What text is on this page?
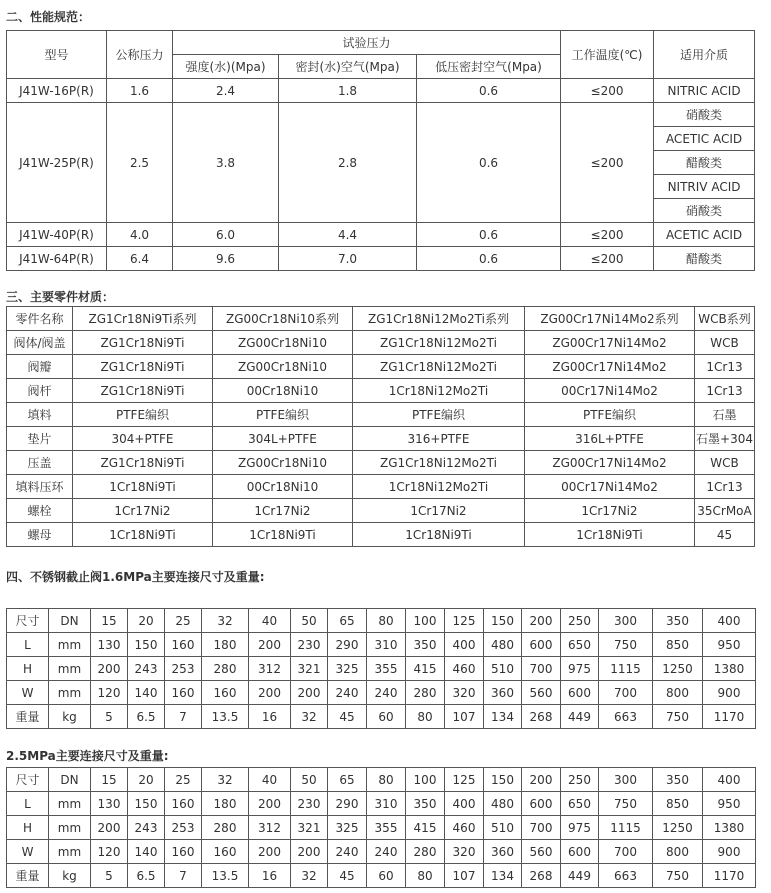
二、性能规范：
型号	公称压力	试验压力			工作温度(℃)	适用介质
		强度(水)(Mpa)	密封(水)空气(Mpa)	低压密封空气(Mpa)		
J41W-16P(R)	1.6	2.4	1.8	0.6	≤200	NITRIC ACID
J41W-25P(R)	2.5	3.8	2.8	0.6	≤200	硝酸类
						ACETIC ACID
						醋酸类
						NITRIV ACID
						硝酸类
J41W-40P(R)	4.0	6.0	4.4	0.6	≤200	ACETIC ACID
J41W-64P(R)	6.4	9.6	7.0	0.6	≤200	醋酸类
三、主要零件材质：
零件名称	ZG1Cr18Ni9Ti系列	ZG00Cr18Ni10系列	ZG1Cr18Ni12Mo2Ti系列	ZG00Cr17Ni14Mo2系列	WCB系列
阀体/阀盖	ZG1Cr18Ni9Ti	ZG00Cr18Ni10	ZG1Cr18Ni12Mo2Ti	ZG00Cr17Ni14Mo2	WCB
阀瓣	ZG1Cr18Ni9Ti	ZG00Cr18Ni10	ZG1Cr18Ni12Mo2Ti	ZG00Cr17Ni14Mo2	1Cr13
阀杆	ZG1Cr18Ni9Ti	00Cr18Ni10	1Cr18Ni12Mo2Ti	00Cr17Ni14Mo2	1Cr13
填料	PTFE编织	PTFE编织	PTFE编织	PTFE编织	石墨
垫片	304+PTFE	304L+PTFE	316+PTFE	316L+PTFE	石墨+304
压盖	ZG1Cr18Ni9Ti	ZG00Cr18Ni10	ZG1Cr18Ni12Mo2Ti	ZG00Cr17Ni14Mo2	WCB
填料压环	1Cr18Ni9Ti	00Cr18Ni10	1Cr18Ni12Mo2Ti	00Cr17Ni14Mo2	1Cr13
螺栓	1Cr17Ni2	1Cr17Ni2	1Cr17Ni2	1Cr17Ni2	35CrMoA
螺母	1Cr18Ni9Ti	1Cr18Ni9Ti	1Cr18Ni9Ti	1Cr18Ni9Ti	45
四、不锈钢截止阀1.6MPa主要连接尺寸及重量:
尺寸	DN	15	20	25	32	40	50	65	80	100	125	150	200	250	300	350	400
L	mm	130	150	160	180	200	230	290	310	350	400	480	600	650	750	850	950
H	mm	200	243	253	280	312	321	325	355	415	460	510	700	975	1115	1250	1380
W	mm	120	140	160	160	200	200	240	240	280	320	360	560	600	700	800	900
重量	kg	5	6.5	7	13.5	16	32	45	60	80	107	134	268	449	663	750	1170
2.5MPa主要连接尺寸及重量:
尺寸	DN	15	20	25	32	40	50	65	80	100	125	150	200	250	300	350	400
L	mm	130	150	160	180	200	230	290	310	350	400	480	600	650	750	850	950
H	mm	200	243	253	280	312	321	325	355	415	460	510	700	975	1115	1250	1380
W	mm	120	140	160	160	200	200	240	240	280	320	360	560	600	700	800	900
重量	kg	5	6.5	7	13.5	16	32	45	60	80	107	134	268	449	663	750	1170
